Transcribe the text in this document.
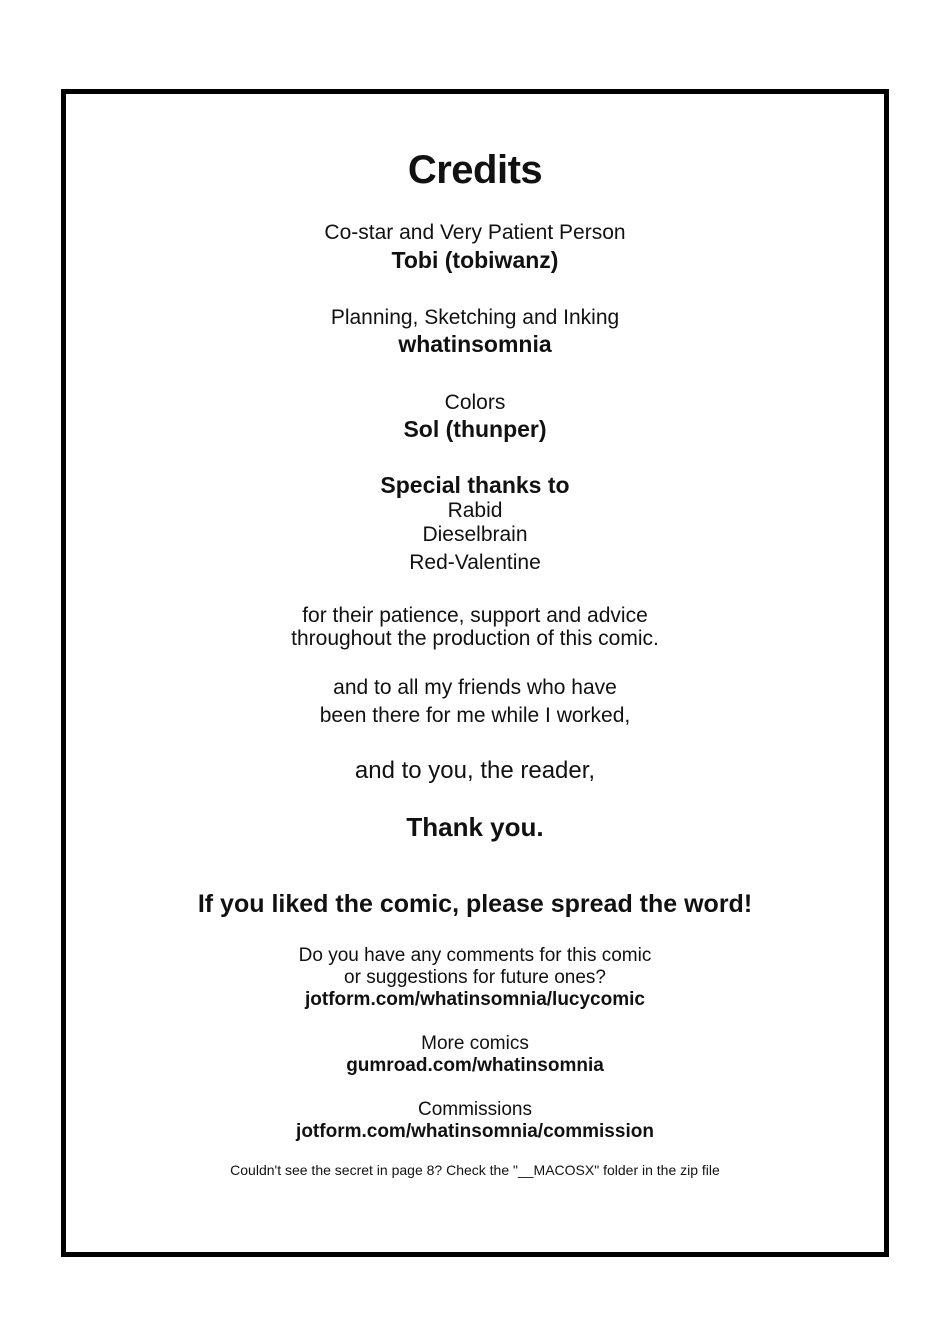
Credits
Co-star and Very Patient Person
Tobi (tobiwanz)
Planning, Sketching and Inking
whatinsomnia
Colors
Sol (thunper)
Special thanks to
Rabid
Dieselbrain
Red-Valentine
for their patience, support and advice
throughout the production of this comic.
and to all my friends who have
been there for me while I worked,
and to you, the reader,
Thank you.
If you liked the comic, please spread the word!
Do you have any comments for this comic
or suggestions for future ones?
jotform.com/whatinsomnia/lucycomic
More comics
gumroad.com/whatinsomnia
Commissions
jotform.com/whatinsomnia/commission
Couldn't see the secret in page 8? Check the "__MACOSX" folder in the zip file
